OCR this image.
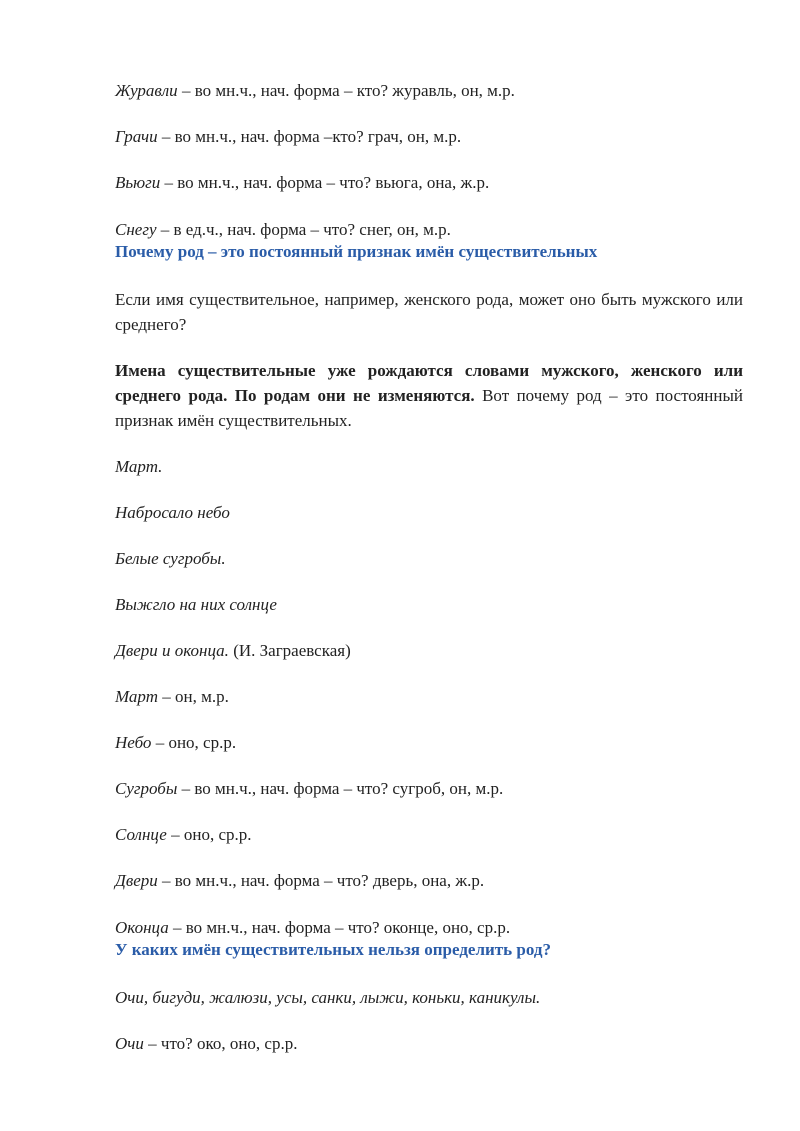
Журавли – во мн.ч., нач. форма – кто? журавль, он, м.р.

Грачи – во мн.ч., нач. форма –кто? грач, он, м.р.

Вьюги – во мн.ч., нач. форма – что? вьюга, она, ж.р.

Снегу – в ед.ч., нач. форма – что? снег, он, м.р.

Почему род – это постоянный признак имён существительных

Если имя существительное, например, женского рода, может оно быть мужского или среднего?

Имена существительные уже рождаются словами мужского, женского или среднего рода. По родам они не изменяются. Вот почему род – это постоянный признак имён существительных.

Март.

Набросало небо

Белые сугробы.

Выжгло на них солнце

Двери и оконца. (И. Заграевская)

Март – он, м.р.

Небо – оно, ср.р.

Сугробы – во мн.ч., нач. форма – что? сугроб, он, м.р.

Солнце – оно, ср.р.

Двери – во мн.ч., нач. форма – что? дверь, она, ж.р.

Оконца – во мн.ч., нач. форма – что? оконце, оно, ср.р.

У каких имён существительных нельзя определить род?

Очи, бигуди, жалюзи, усы, санки, лыжи, коньки, каникулы.

Очи – что? око, оно, ср.р.
